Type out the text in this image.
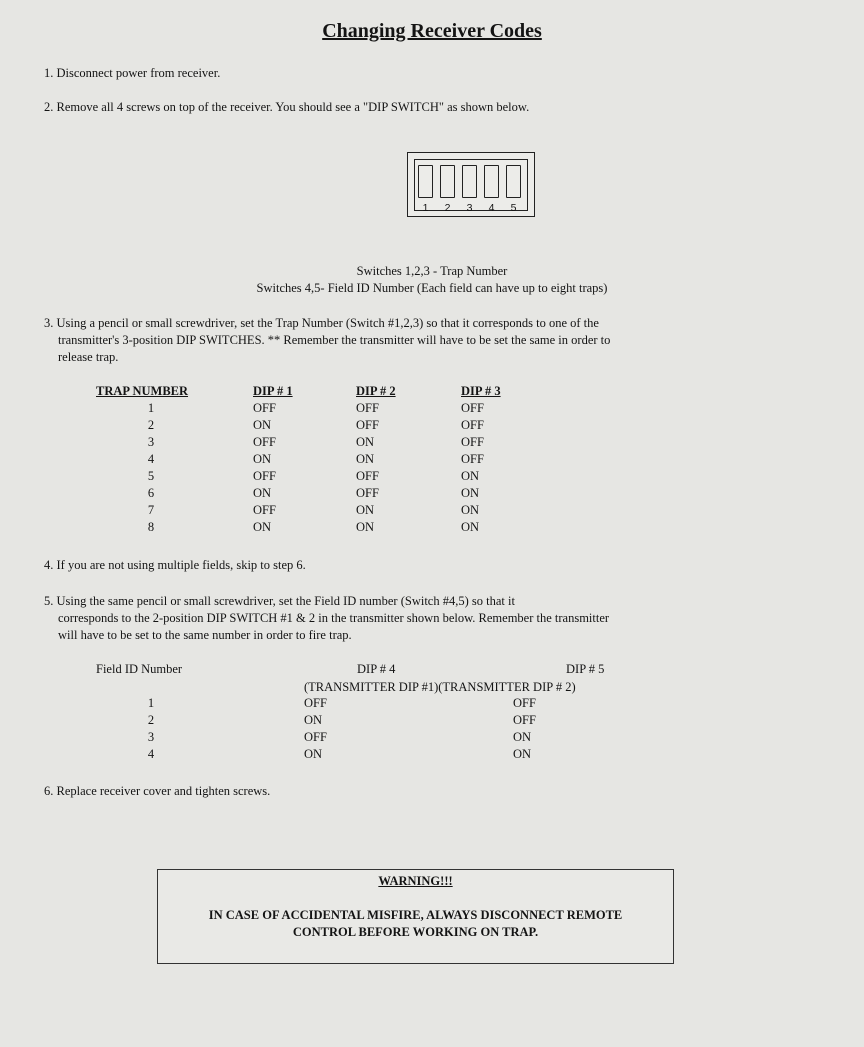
Changing Receiver Codes
1. Disconnect power from receiver.
2. Remove all 4 screws on top of the receiver. You should see a "DIP SWITCH" as shown below.
1	2	3	4	5
Switches 1,2,3 - Trap Number
Switches 4,5- Field ID Number (Each field can have up to eight traps)
3. Using a pencil or small screwdriver, set the Trap Number (Switch #1,2,3) so that it corresponds to one of the
transmitter's 3-position DIP SWITCHES. ** Remember the transmitter will have to be set the same in order to
release trap.
TRAP NUMBER	DIP # 1	DIP # 2	DIP # 3
1	OFF	OFF	OFF
2	ON	OFF	OFF
3	OFF	ON	OFF
4	ON	ON	OFF
5	OFF	OFF	ON
6	ON	OFF	ON
7	OFF	ON	ON
8	ON	ON	ON
4. If you are not using multiple fields, skip to step 6.
5. Using the same pencil or small screwdriver, set the Field ID number (Switch #4,5) so that it
corresponds to the 2-position DIP SWITCH #1 & 2 in the transmitter shown below. Remember the transmitter
will have to be set to the same number in order to fire trap.
Field ID Number	DIP # 4	DIP # 5
(TRANSMITTER DIP #1)(TRANSMITTER DIP # 2)
1	OFF	OFF
2	ON	OFF
3	OFF	ON
4	ON	ON
6. Replace receiver cover and tighten screws.
WARNING!!!
IN CASE OF ACCIDENTAL MISFIRE, ALWAYS DISCONNECT REMOTE
CONTROL BEFORE WORKING ON TRAP.
